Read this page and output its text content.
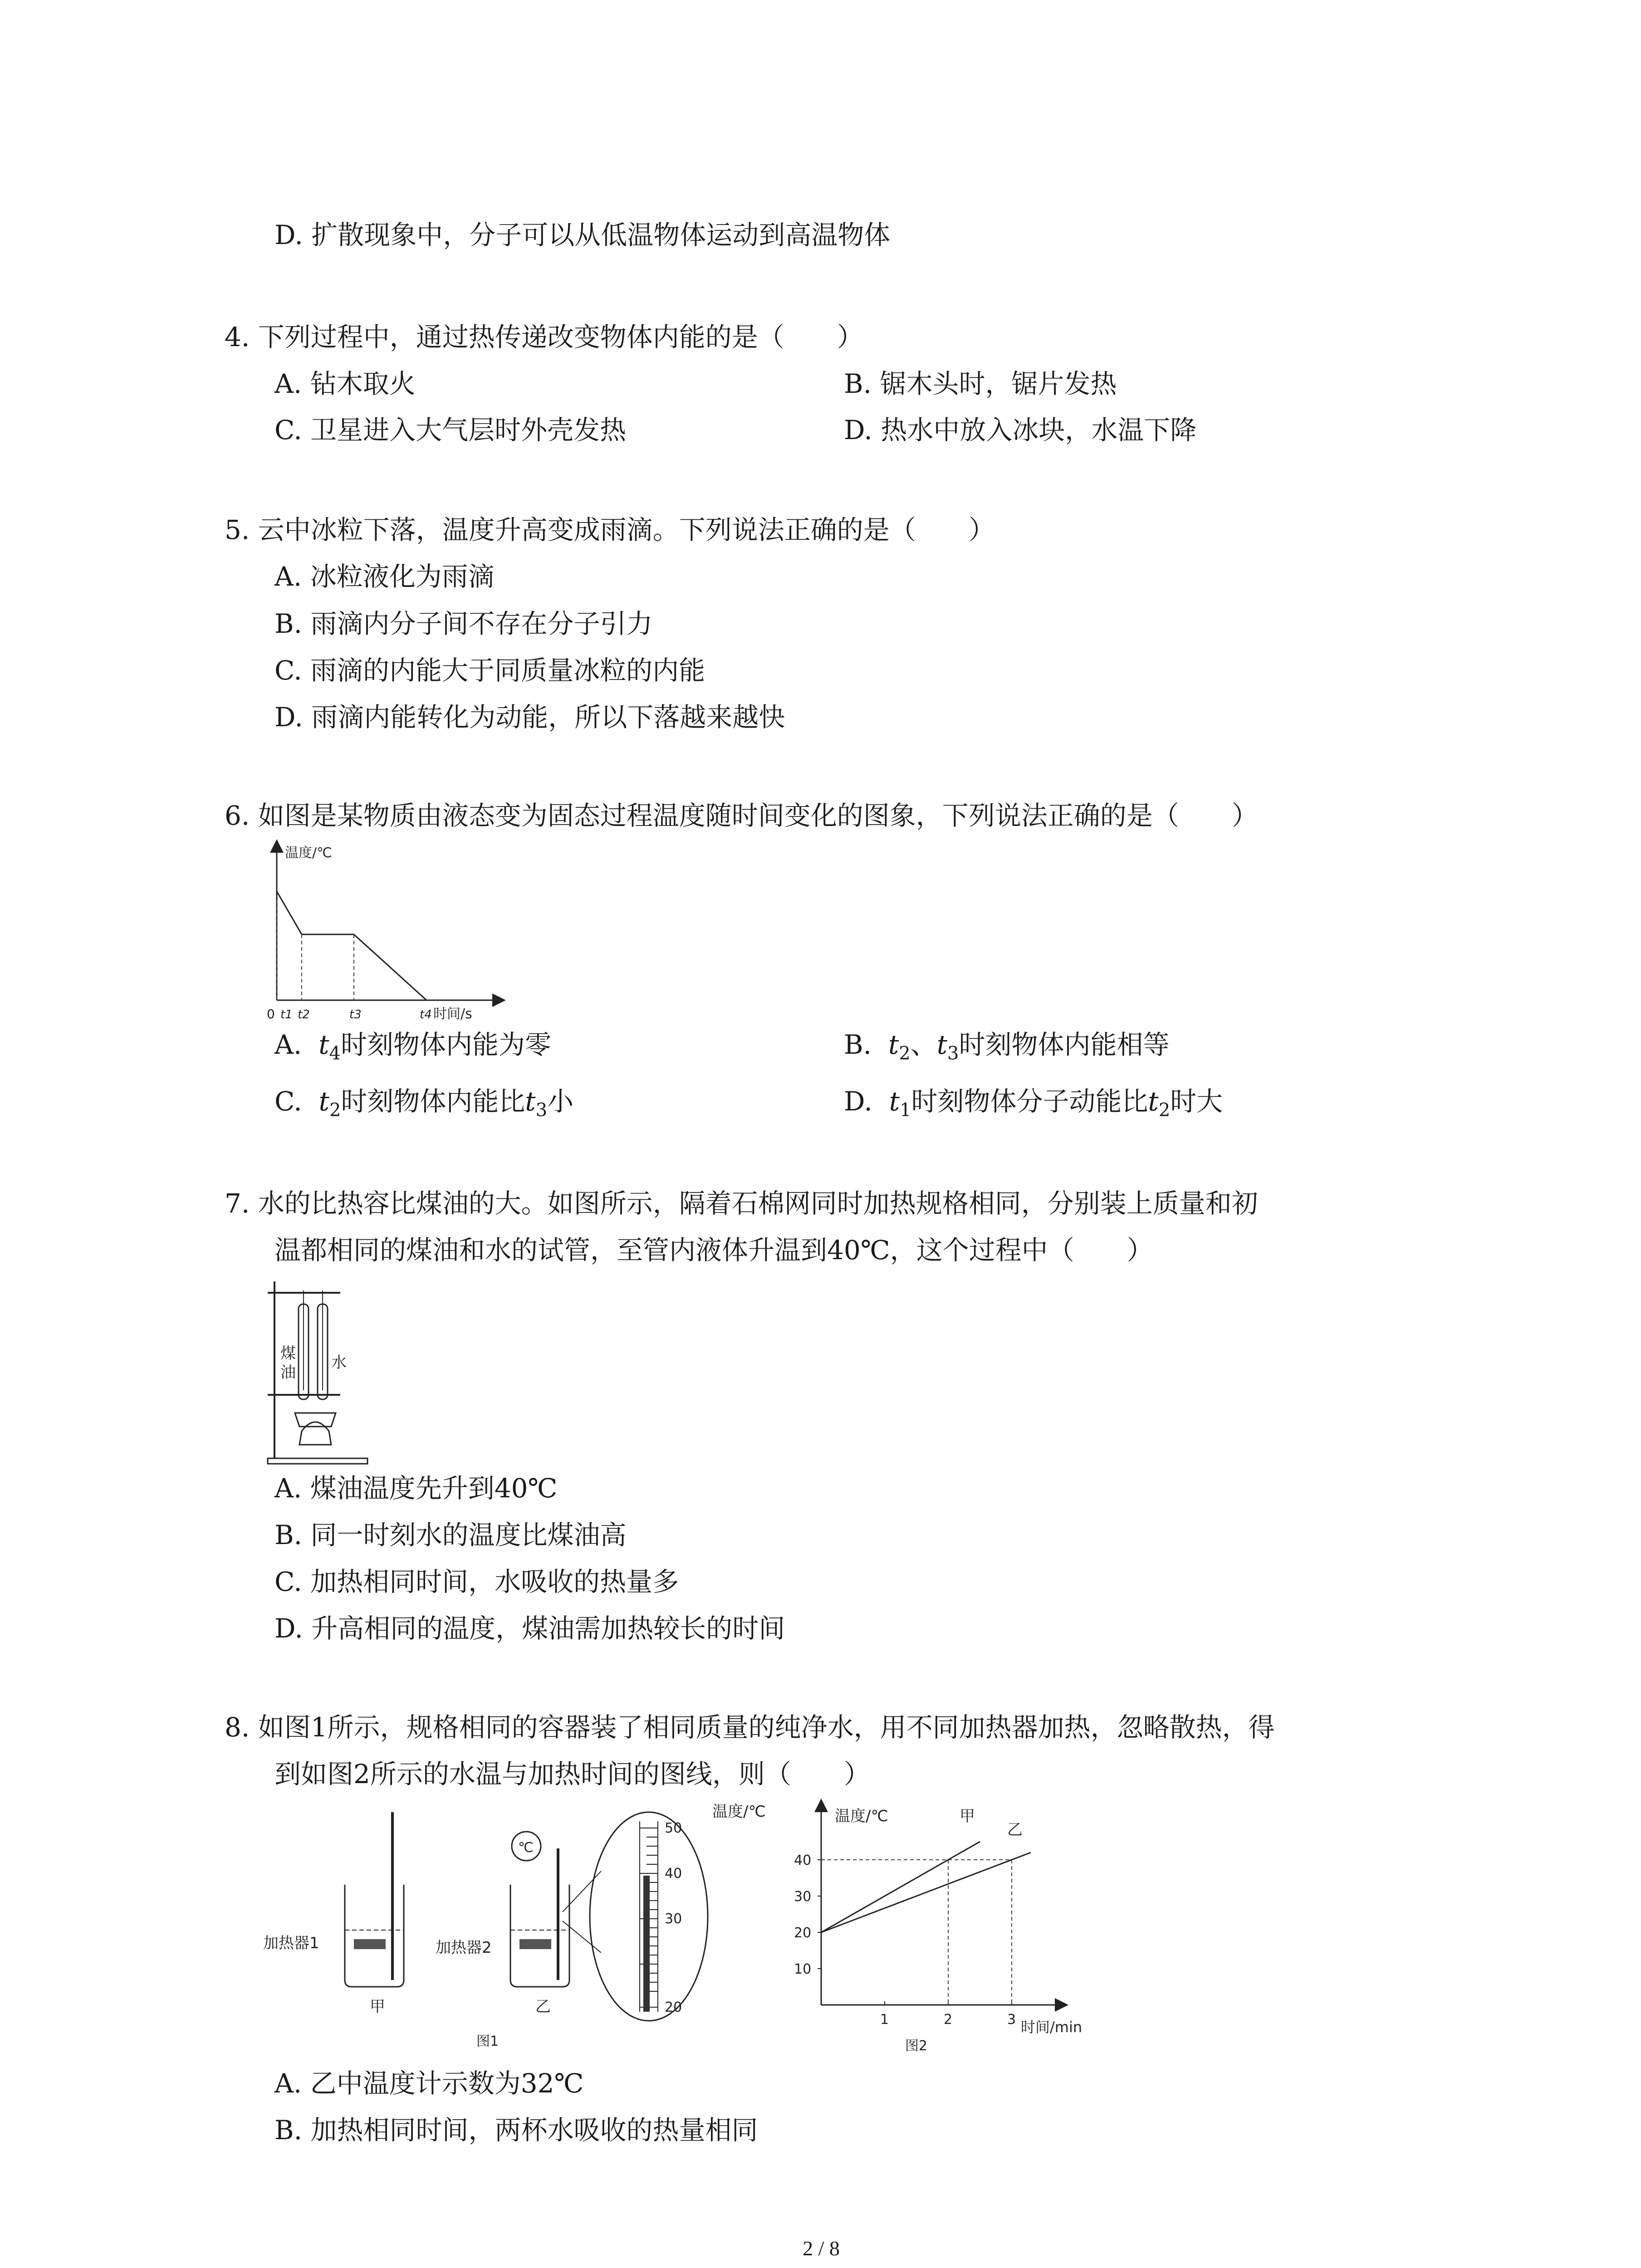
D. 扩散现象中，分子可以从低温物体运动到高温物体
4. 下列过程中，通过热传递改变物体内能的是（　　）
A. 钻木取火	B. 锯木头时，锯片发热
C. 卫星进入大气层时外壳发热	D. 热水中放入冰块，水温下降
5. 云中冰粒下落，温度升高变成雨滴。下列说法正确的是（　　）
A. 冰粒液化为雨滴
B. 雨滴内分子间不存在分子引力
C. 雨滴的内能大于同质量冰粒的内能
D. 雨滴内能转化为动能，所以下落越来越快
6. 如图是某物质由液态变为固态过程温度随时间变化的图象，下列说法正确的是（　　）
温度/℃
时间/s
0 t1 t2	t3	t4
A. $t_4$时刻物体内能为零	B. $t_2$、$t_3$时刻物体内能相等
C. $t_2$时刻物体内能比$t_3$小	D. $t_1$时刻物体分子动能比$t_2$时大
7. 水的比热容比煤油的大。如图所示，隔着石棉网同时加热规格相同，分别装上质量和初
温都相同的煤油和水的试管，至管内液体升温到40℃，这个过程中（　　）
煤
油
水
A. 煤油温度先升到40℃
B. 同一时刻水的温度比煤油高
C. 加热相同时间，水吸收的热量多
D. 升高相同的温度，煤油需加热较长的时间
8. 如图1所示，规格相同的容器装了相同质量的纯净水，用不同加热器加热，忽略散热，得
到如图2所示的水温与加热时间的图线，则（　　）
℃
50
40
30
20
温度/℃
加热器1	加热器2
甲	乙
图1
10
20
30
40
1	2	3
温度/℃
时间/min
甲
乙
图2
A. 乙中温度计示数为32℃
B. 加热相同时间，两杯水吸收的热量相同
2 / 8
